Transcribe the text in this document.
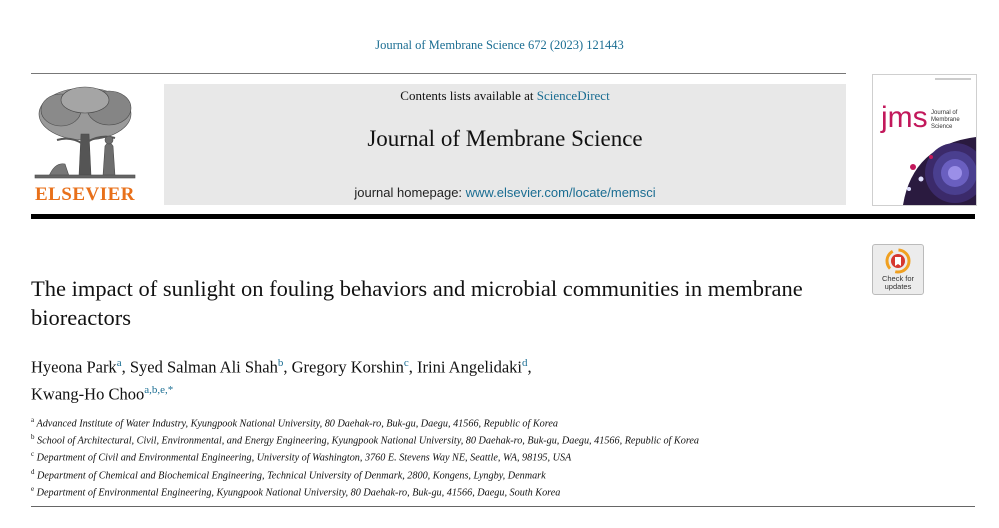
Journal of Membrane Science 672 (2023) 121443
ELSEVIER
Contents lists available at ScienceDirect
Journal of Membrane Science
journal homepage: www.elsevier.com/locate/memsci
jms Journal of
Membrane
Science
Check for
updates
The impact of sunlight on fouling behaviors and microbial communities in membrane bioreactors
Hyeona Park$^a$, Syed Salman Ali Shah$^b$, Gregory Korshin$^c$, Irini Angelidaki$^d$,
Kwang-Ho Choo$^{a,b,e,*}$
$^a$ Advanced Institute of Water Industry, Kyungpook National University, 80 Daehak-ro, Buk-gu, Daegu, 41566, Republic of Korea
$^b$ School of Architectural, Civil, Environmental, and Energy Engineering, Kyungpook National University, 80 Daehak-ro, Buk-gu, Daegu, 41566, Republic of Korea
$^c$ Department of Civil and Environmental Engineering, University of Washington, 3760 E. Stevens Way NE, Seattle, WA, 98195, USA
$^d$ Department of Chemical and Biochemical Engineering, Technical University of Denmark, 2800, Kongens, Lyngby, Denmark
$^e$ Department of Environmental Engineering, Kyungpook National University, 80 Daehak-ro, Buk-gu, 41566, Daegu, South Korea
